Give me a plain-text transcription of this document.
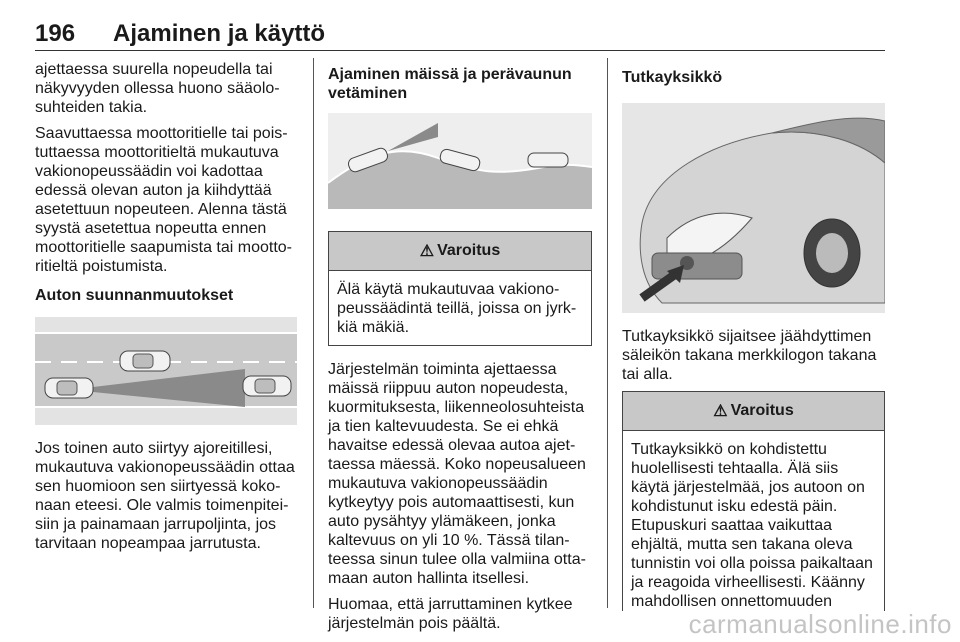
196 Ajaminen ja käyttö

ajettaessa suurella nopeudella tai näkyvyyden ollessa huono sääolo-suhteiden takia.

Saavuttaessa moottoritielle tai pois-tuttaessa moottoritieltä mukautuva vakionopeussäädin voi kadottaa edessä olevan auton ja kiihdyttää asetettuun nopeuteen. Alenna tästä syystä asetettua nopeutta ennen moottoritielle saapumista tai mootto-ritieltä poistumista.

Auton suunnanmuutokset

Jos toinen auto siirtyy ajoreitillesi, mukautuva vakionopeussäädin ottaa sen huomioon sen siirtyessä koko-naan eteesi. Ole valmis toimenpitei-siin ja painamaan jarrupoljinta, jos tarvitaan nopeampaa jarrutusta.

Ajaminen mäissä ja perävaunun vetäminen
⚠ Varoitus
Älä käytä mukautuvaa vakiono-peussäädintä teillä, joissa on jyrk-kiä mäkiä.

Järjestelmän toiminta ajettaessa mäissä riippuu auton nopeudesta, kuormituksesta, liikenneolosuhteista ja tien kaltevuudesta. Se ei ehkä havaitse edessä olevaa autoa ajet-taessa mäessä. Koko nopeusalueen mukautuva vakionopeussäädin kytkeytyy pois automaattisesti, kun auto pysähtyy ylämäkeen, jonka kaltevuus on yli 10 %. Tässä tilan-teessa sinun tulee olla valmiina otta-maan auton hallinta itsellesi.

Huomaa, että jarruttaminen kytkee järjestelmän pois päältä.

Tutkayksikkö

Tutkayksikkö sijaitsee jäähdyttimen säleikön takana merkkilogon takana tai alla.

⚠ Varoitus
Tutkayksikkö on kohdistettu huolellisesti tehtaalla. Älä siis käytä järjestelmää, jos autoon on kohdistunut isku edestä päin. Etupuskuri saattaa vaikuttaa ehjältä, mutta sen takana oleva tunnistin voi olla poissa paikaltaan ja reagoida virheellisesti. Käänny mahdollisen onnettomuuden
carmanualsonline.info
